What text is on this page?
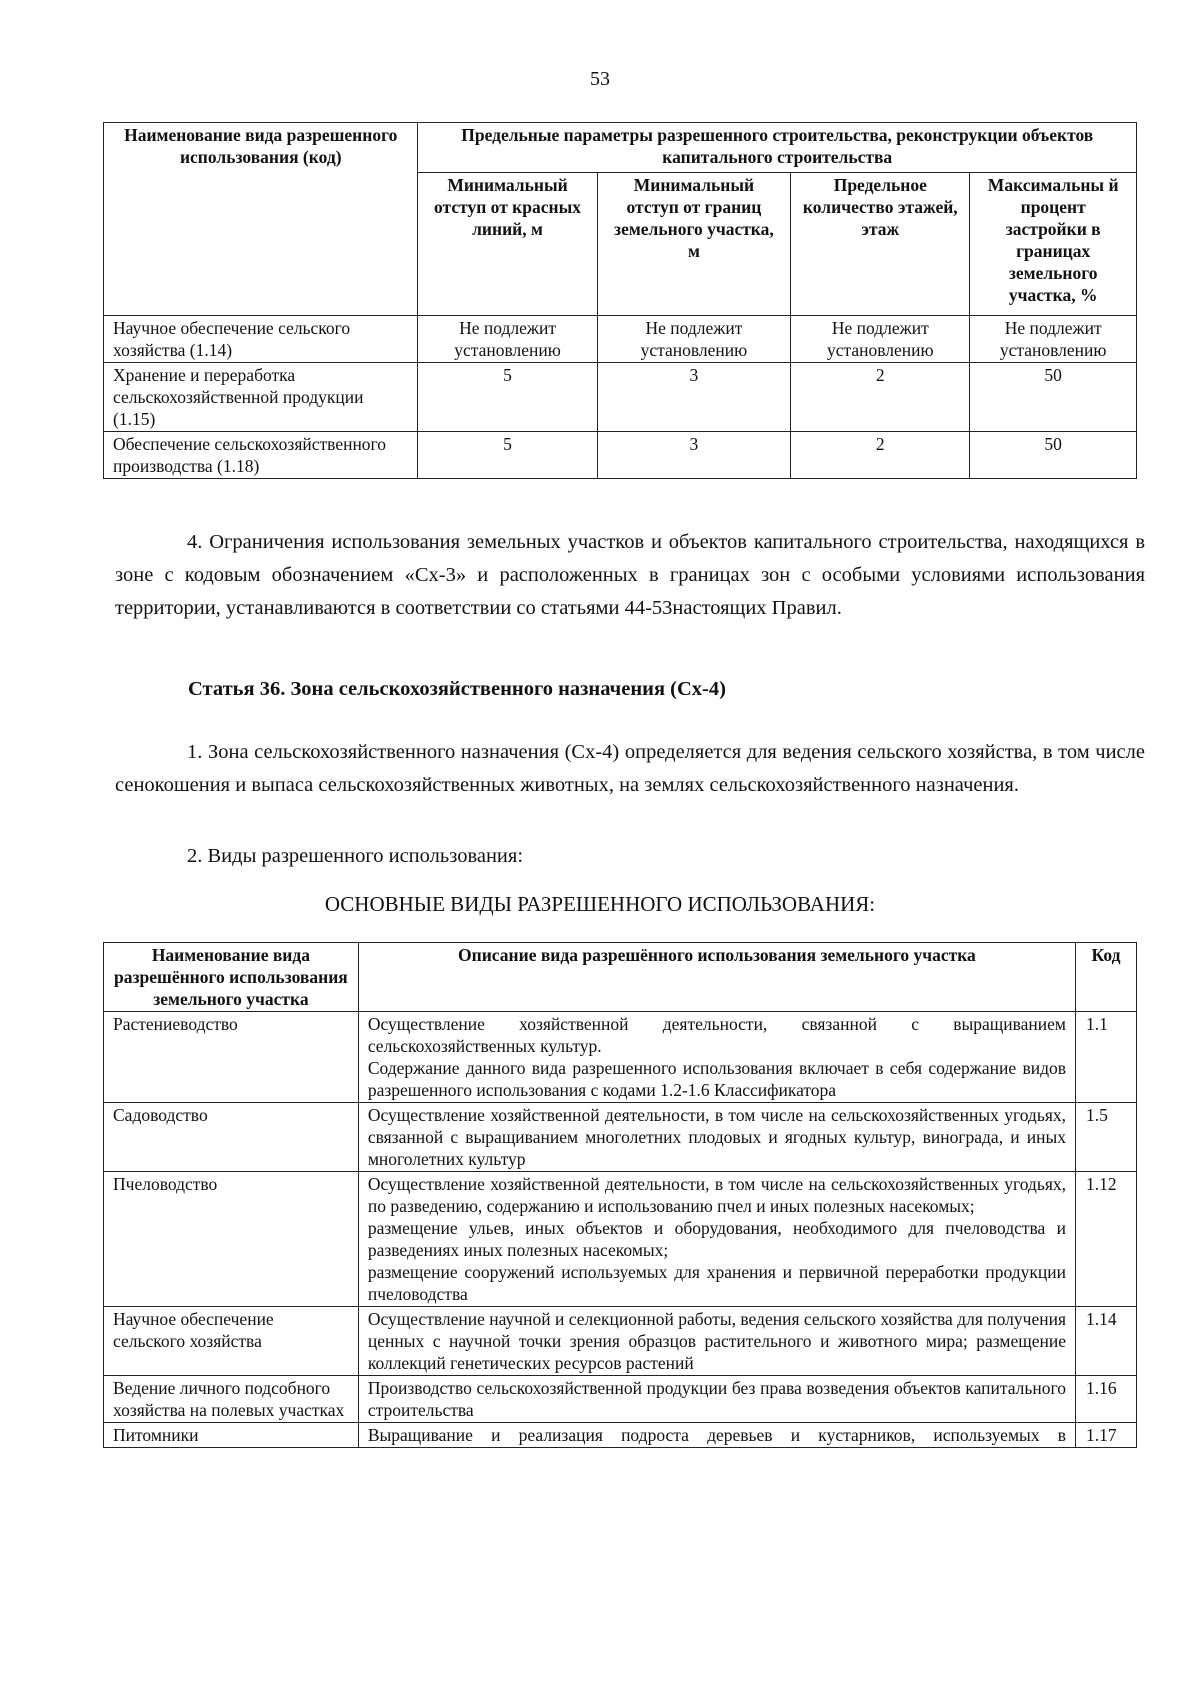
53
Наименование вида разрешенного использования (код)	Предельные параметры разрешенного строительства, реконструкции объектов капитального строительства			
	Минимальный отступ от красных линий, м	Минимальный отступ от границ земельного участка, м	Предельное количество этажей, этаж	Максимальны й процент застройки в границах земельного участка, %
Научное обеспечение сельского хозяйства (1.14)	Не подлежит установлению	Не подлежит установлению	Не подлежит установлению	Не подлежит установлению
Хранение и переработка сельскохозяйственной продукции (1.15)	5	3	2	50
Обеспечение сельскохозяйственного производства (1.18)	5	3	2	50

4. Ограничения использования земельных участков и объектов капитального строительства, находящихся в зоне с кодовым обозначением «Сх-3» и расположенных в границах зон с особыми условиями использования территории, устанавливаются в соответствии со статьями 44-53настоящих Правил.

Статья 36. Зона сельскохозяйственного назначения (Сх-4)

1. Зона сельскохозяйственного назначения (Сх-4) определяется для ведения сельского хозяйства, в том числе сенокошения и выпаса сельскохозяйственных животных, на землях сельскохозяйственного назначения.

2. Виды разрешенного использования:

ОСНОВНЫЕ ВИДЫ РАЗРЕШЕННОГО ИСПОЛЬЗОВАНИЯ:

Наименование вида разрешённого использования земельного участка	Описание вида разрешённого использования земельного участка	Код
Растениеводство	Осуществление хозяйственной деятельности, связанной с выращиванием сельскохозяйственных культур.

Содержание данного вида разрешенного использования включает в себя содержание видов разрешенного использования с кодами 1.2-1.6 Классификатора	1.1
Садоводство	Осуществление хозяйственной деятельности, в том числе на сельскохозяйственных угодьях, связанной с выращиванием многолетних плодовых и ягодных культур, винограда, и иных многолетних культур	1.5
Пчеловодство	Осуществление хозяйственной деятельности, в том числе на сельскохозяйственных угодьях, по разведению, содержанию и использованию пчел и иных полезных насекомых;

размещение ульев, иных объектов и оборудования, необходимого для пчеловодства и разведениях иных полезных насекомых;

размещение сооружений используемых для хранения и первичной переработки продукции пчеловодства	1.12
Научное обеспечение сельского хозяйства	Осуществление научной и селекционной работы, ведения сельского хозяйства для получения ценных с научной точки зрения образцов растительного и животного мира; размещение коллекций генетических ресурсов растений	1.14
Ведение личного подсобного хозяйства на полевых участках	Производство сельскохозяйственной продукции без права возведения объектов капитального строительства	1.16
Питомники	Выращивание и реализация подроста деревьев и кустарников, используемых в	1.17
